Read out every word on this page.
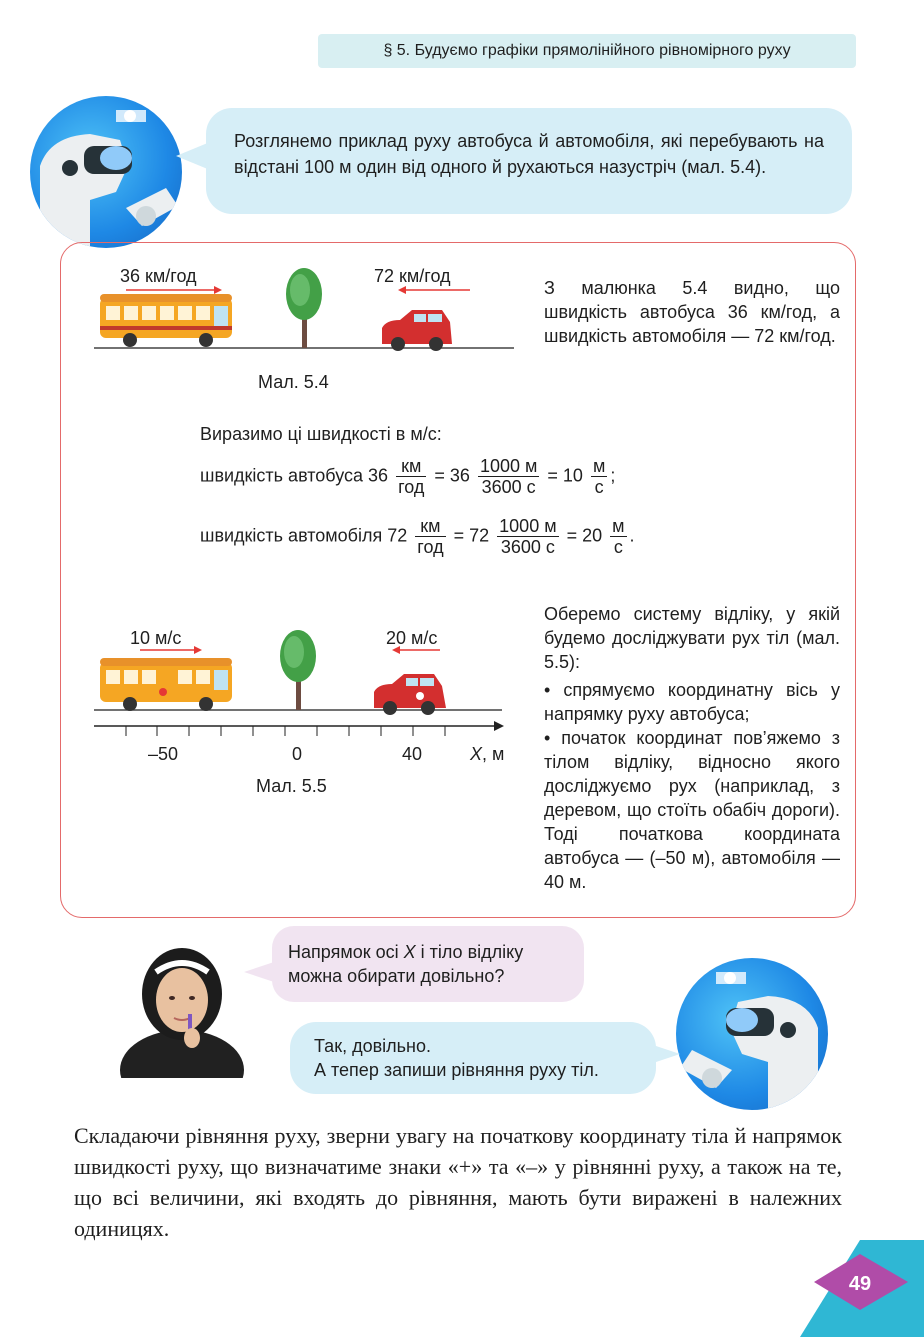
§ 5. Будуємо графіки прямолінійного рівномірного руху
Розглянемо приклад руху автобуса й автомобіля, які перебувають на відстані 100 м один від одного й рухаються назустріч (мал. 5.4).
36 км/год	72 км/год
Мал. 5.4
З малюнка 5.4 видно, що швидкість автобуса 36 км/год, а швидкість автомобіля — 72 км/год.
Виразимо ці швидкості в м/с:
швидкість автобуса $36 \frac{км}{\text{год}} = 36 \frac{1000 м}{3600 с} = 10 \frac{м}{с}$ ;
швидкість автомобіля $72 \frac{км}{\text{год}} = 72 \frac{1000 м}{3600 с} = 20 \frac{м}{с}$ .
10 м/с	20 м/с
–50	0	40	X, м
Мал. 5.5
Оберемо систему відліку, у якій будемо досліджувати рух тіл (мал. 5.5):
• спрямуємо координатну вісь у напрямку руху автобуса;
• початок координат пов’яжемо з тілом відліку, відносно якого досліджуємо рух (наприклад, з деревом, що стоїть обабіч дороги). Тоді початкова координата автобуса — (–50 м), автомобіля — 40 м.
Напрямок осі X і тіло відліку
можна обирати довільно?
Так, довільно.
А тепер запиши рівняння руху тіл.
Складаючи рівняння руху, зверни увагу на початкову координату тіла й напрямок швидкості руху, що визначатиме знаки «+» та «–» у рівнянні руху, а також на те, що всі величини, які входять до рівняння, мають бути виражені в належних одиницях.
49
